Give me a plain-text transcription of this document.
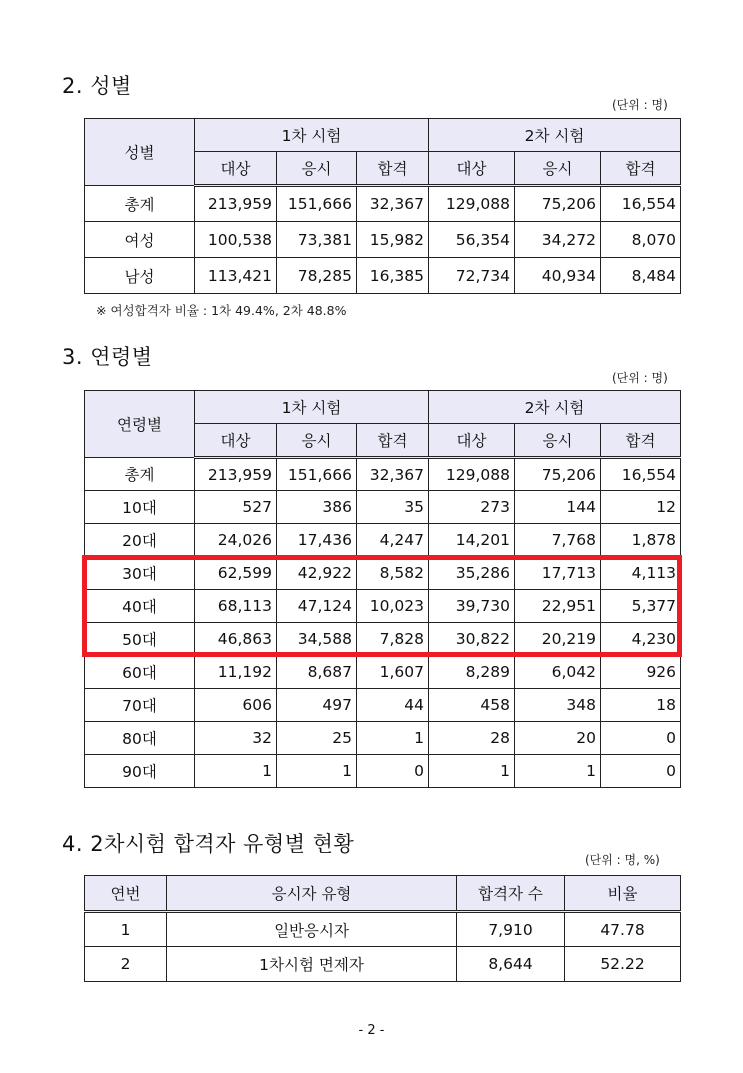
2. 성별
(단위 : 명)
성별	1차 시험			2차 시험		
	대상	응시	합격	대상	응시	합격
총계	213,959	151,666	32,367	129,088	75,206	16,554
여성	100,538	73,381	15,982	56,354	34,272	8,070
남성	113,421	78,285	16,385	72,734	40,934	8,484
※ 여성합격자 비율 : 1차 49.4%, 2차 48.8%
3. 연령별
(단위 : 명)
연령별	1차 시험			2차 시험		
	대상	응시	합격	대상	응시	합격
총계	213,959	151,666	32,367	129,088	75,206	16,554
10대	527	386	35	273	144	12
20대	24,026	17,436	4,247	14,201	7,768	1,878
30대	62,599	42,922	8,582	35,286	17,713	4,113
40대	68,113	47,124	10,023	39,730	22,951	5,377
50대	46,863	34,588	7,828	30,822	20,219	4,230
60대	11,192	8,687	1,607	8,289	6,042	926
70대	606	497	44	458	348	18
80대	32	25	1	28	20	0
90대	1	1	0	1	1	0
4. 2차시험 합격자 유형별 현황
(단위 : 명, %)
연번	응시자 유형	합격자 수	비율
1	일반응시자	7,910	47.78
2	1차시험 면제자	8,644	52.22
- 2 -
